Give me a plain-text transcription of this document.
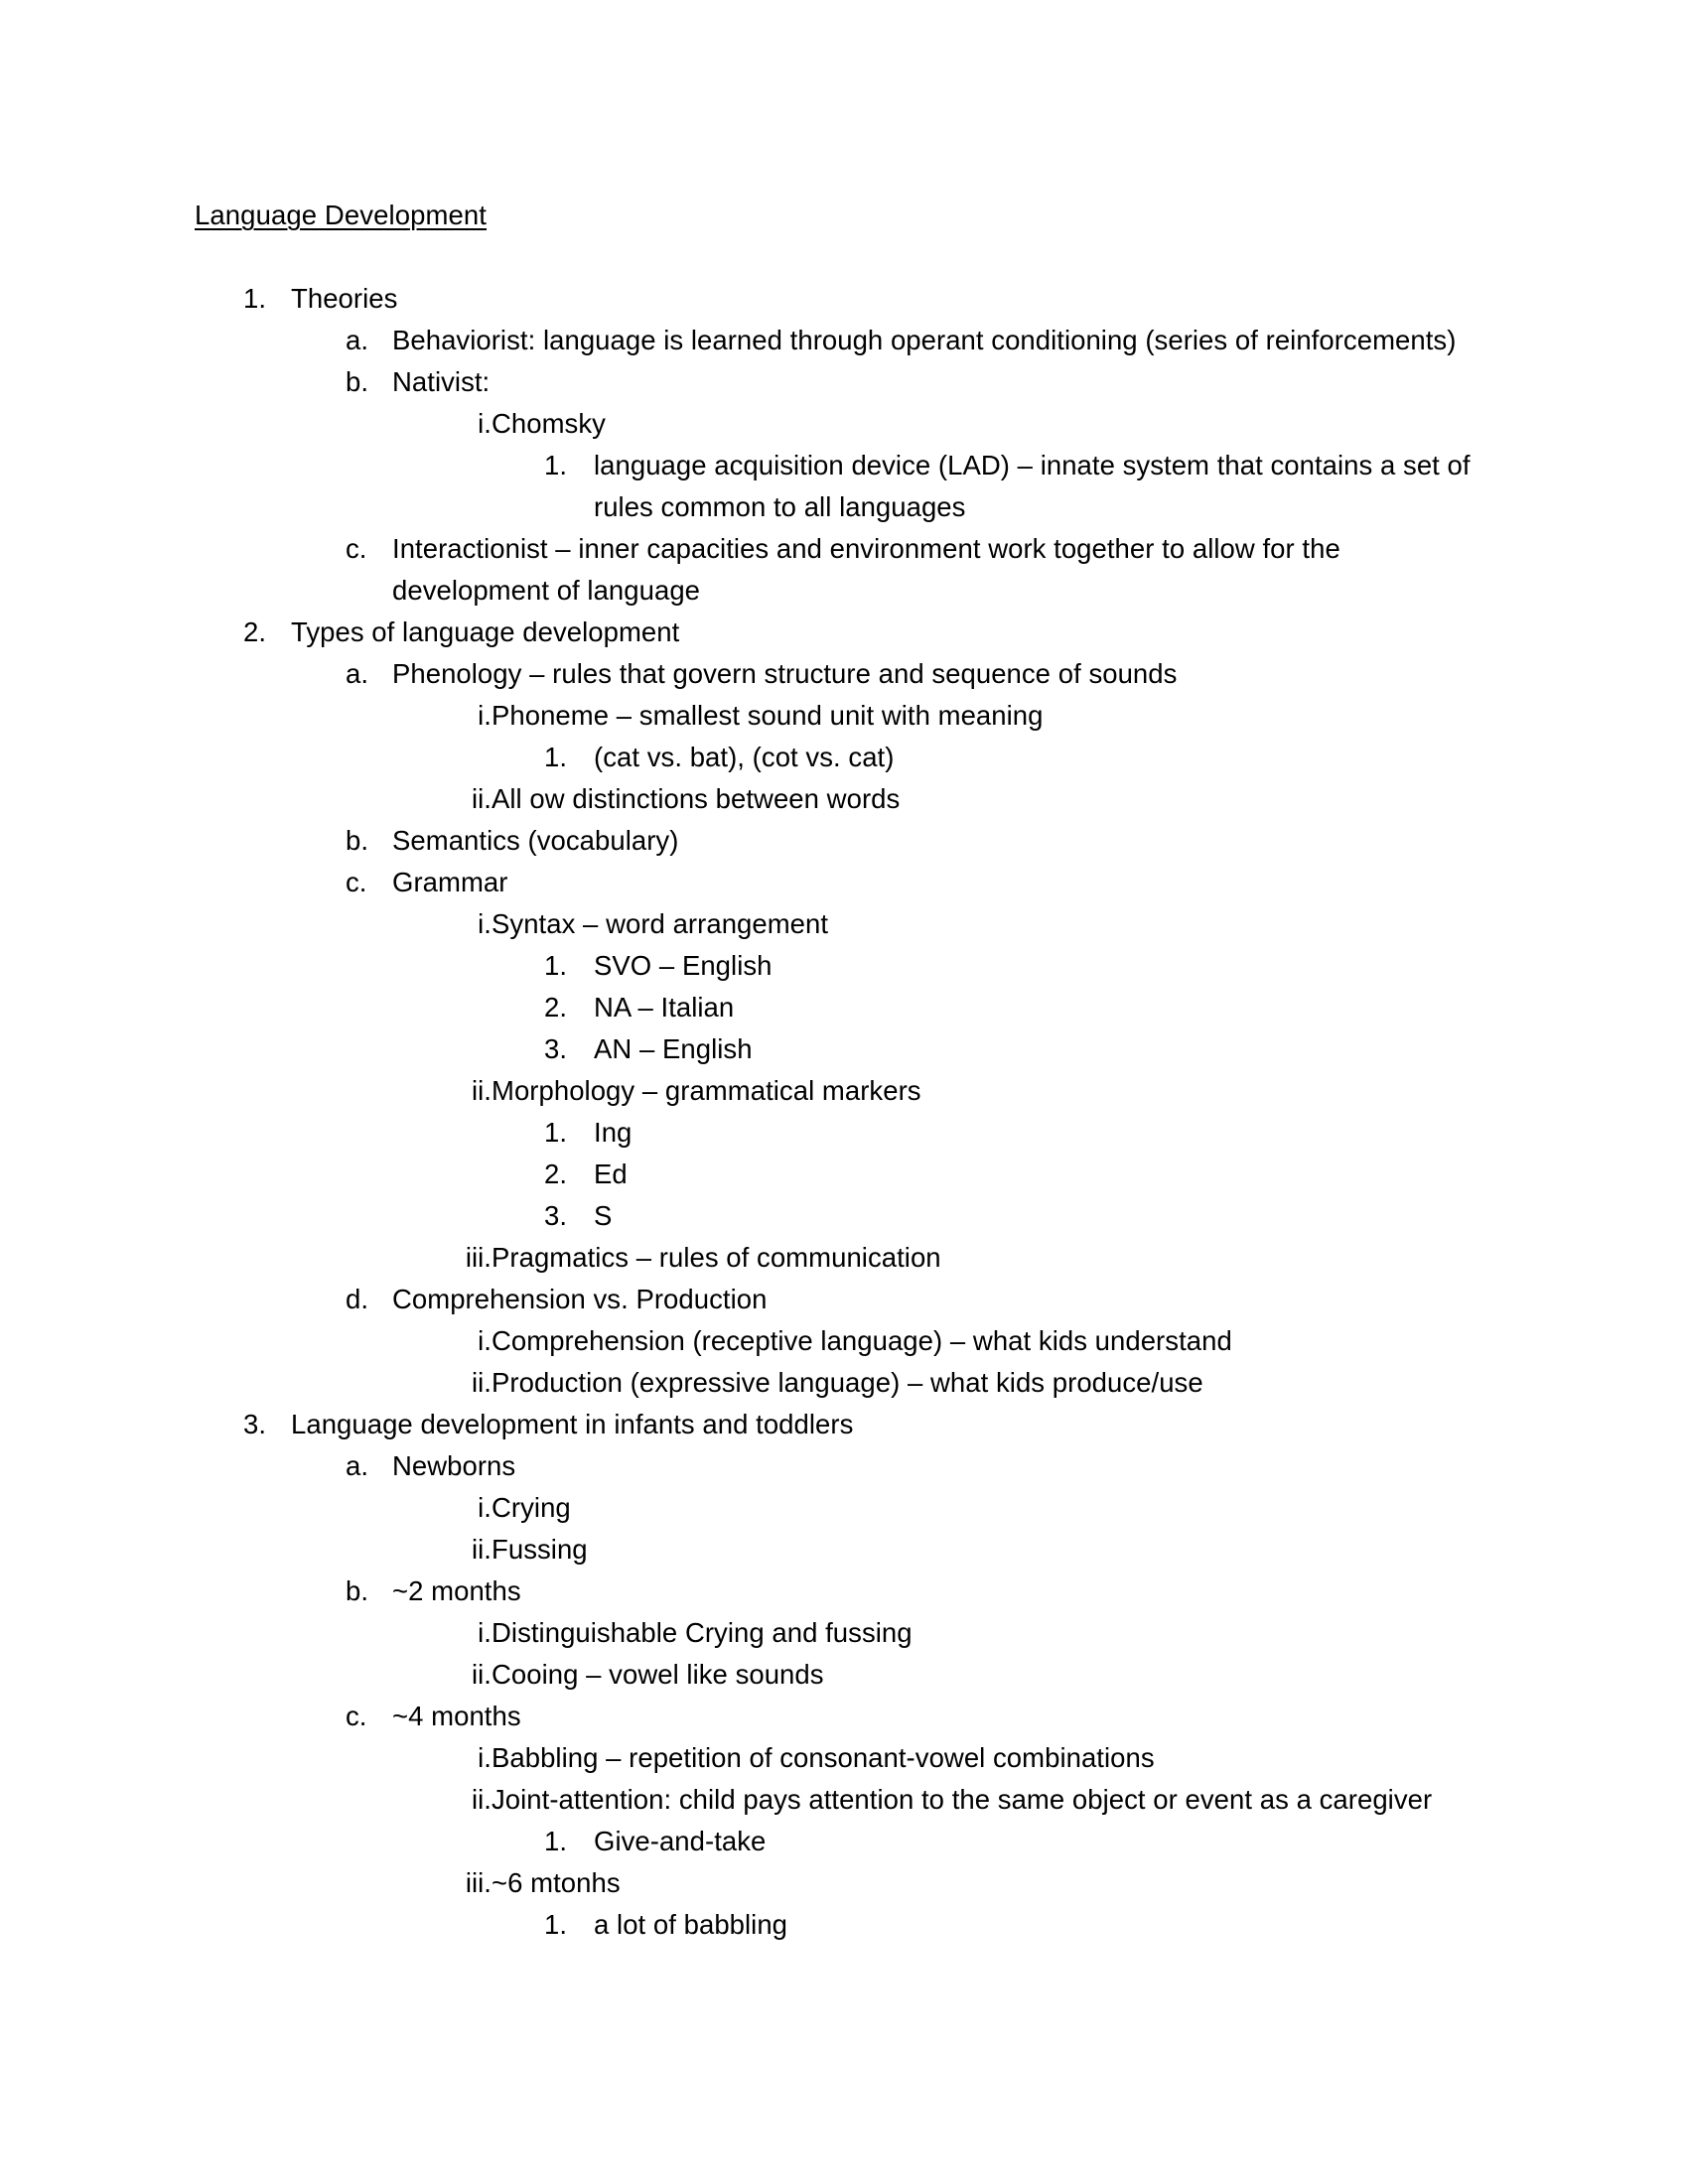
Language Development
1. Theories
a. Behaviorist: language is learned through operant conditioning (series of reinforcements)
b. Nativist:
i. Chomsky
1. language acquisition device (LAD) – innate system that contains a set of rules common to all languages
c. Interactionist – inner capacities and environment work together to allow for the development of language
2. Types of language development
a. Phenology – rules that govern structure and sequence of sounds
i. Phoneme – smallest sound unit with meaning
1. (cat vs. bat), (cot vs. cat)
ii. All ow distinctions between words
b. Semantics (vocabulary)
c. Grammar
i. Syntax – word arrangement
1. SVO – English
2. NA – Italian
3. AN – English
ii. Morphology – grammatical markers
1. Ing
2. Ed
3. S
iii. Pragmatics – rules of communication
d. Comprehension vs. Production
i. Comprehension (receptive language) – what kids understand
ii. Production (expressive language) – what kids produce/use
3. Language development in infants and toddlers
a. Newborns
i. Crying
ii. Fussing
b. ~2 months
i. Distinguishable Crying and fussing
ii. Cooing – vowel like sounds
c. ~4 months
i. Babbling – repetition of consonant-vowel combinations
ii. Joint-attention: child pays attention to the same object or event as a caregiver
1. Give-and-take
iii. ~6 mtonhs
1. a lot of babbling
